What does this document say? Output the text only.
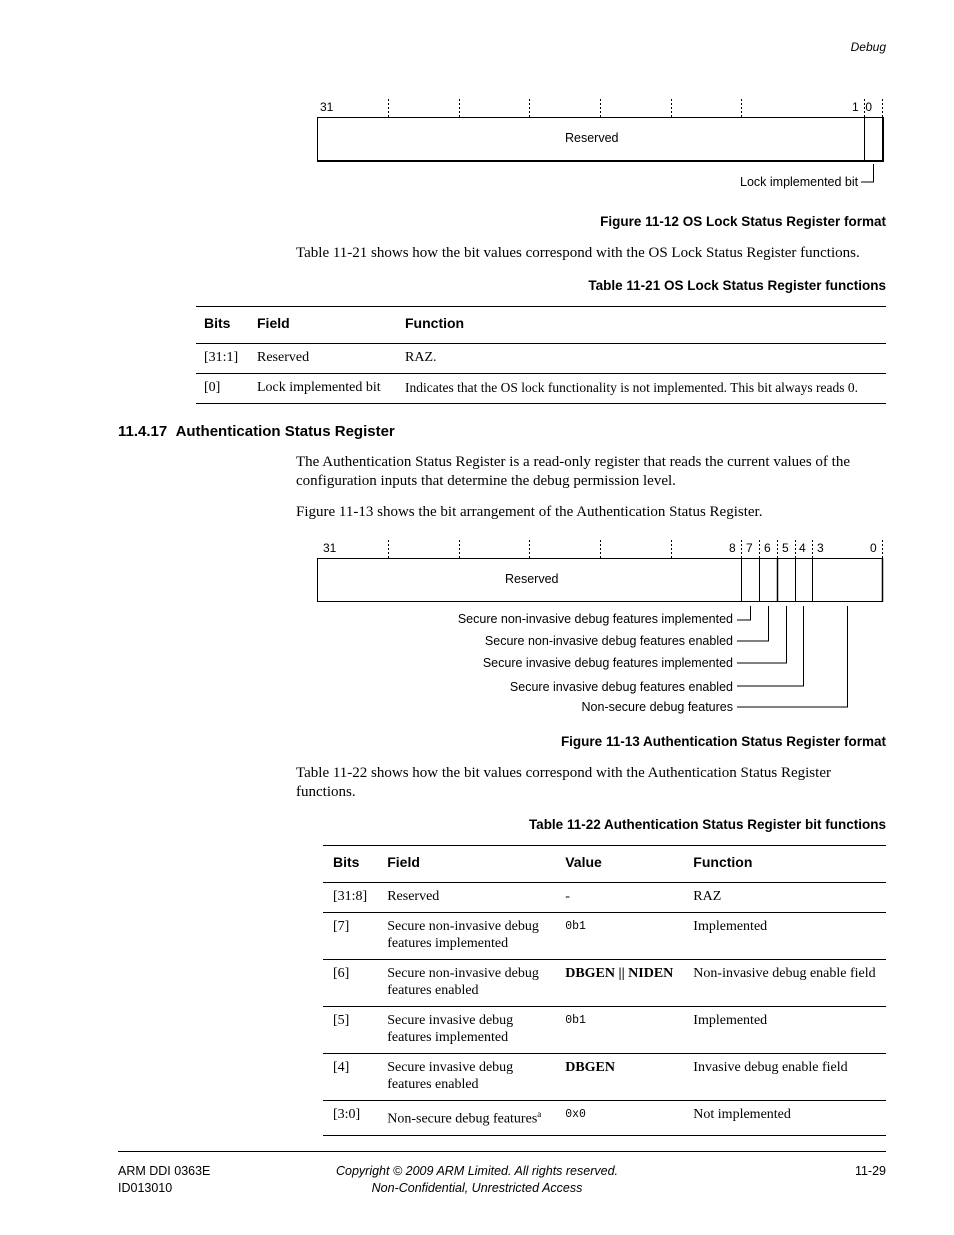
Debug
31	1  0
Reserved
Lock implemented bit
Figure 11-12 OS Lock Status Register format
Table 11-21 shows how the bit values correspond with the OS Lock Status Register functions.
Table 11-21 OS Lock Status Register functions
Bits	Field	Function
[31:1]	Reserved	RAZ.
[0]	Lock implemented bit	Indicates that the OS lock functionality is not implemented. This bit always reads 0.
11.4.17 Authentication Status Register
The Authentication Status Register is a read-only register that reads the current values of the configuration inputs that determine the debug permission level.
Figure 11-13 shows the bit arrangement of the Authentication Status Register.
31	8 7 6 5 4 3	0
Reserved
Secure non-invasive debug features implemented
Secure non-invasive debug features enabled
Secure invasive debug features implemented
Secure invasive debug features enabled
Non-secure debug features
Figure 11-13 Authentication Status Register format
Table 11-22 shows how the bit values correspond with the Authentication Status Register functions.
Table 11-22 Authentication Status Register bit functions
Bits	Field	Value	Function
[31:8]	Reserved	-	RAZ
[7]	Secure non-invasive debug features implemented	0b1	Implemented
[6]	Secure non-invasive debug features enabled	DBGEN || NIDEN	Non-invasive debug enable field
[5]	Secure invasive debug features implemented	0b1	Implemented
[4]	Secure invasive debug features enabled	DBGEN	Invasive debug enable field
[3:0]	Non-secure debug features$^a$	0x0	Not implemented
ARM DDI 0363E
ID013010
Copyright © 2009 ARM Limited. All rights reserved.
Non-Confidential, Unrestricted Access
11-29
